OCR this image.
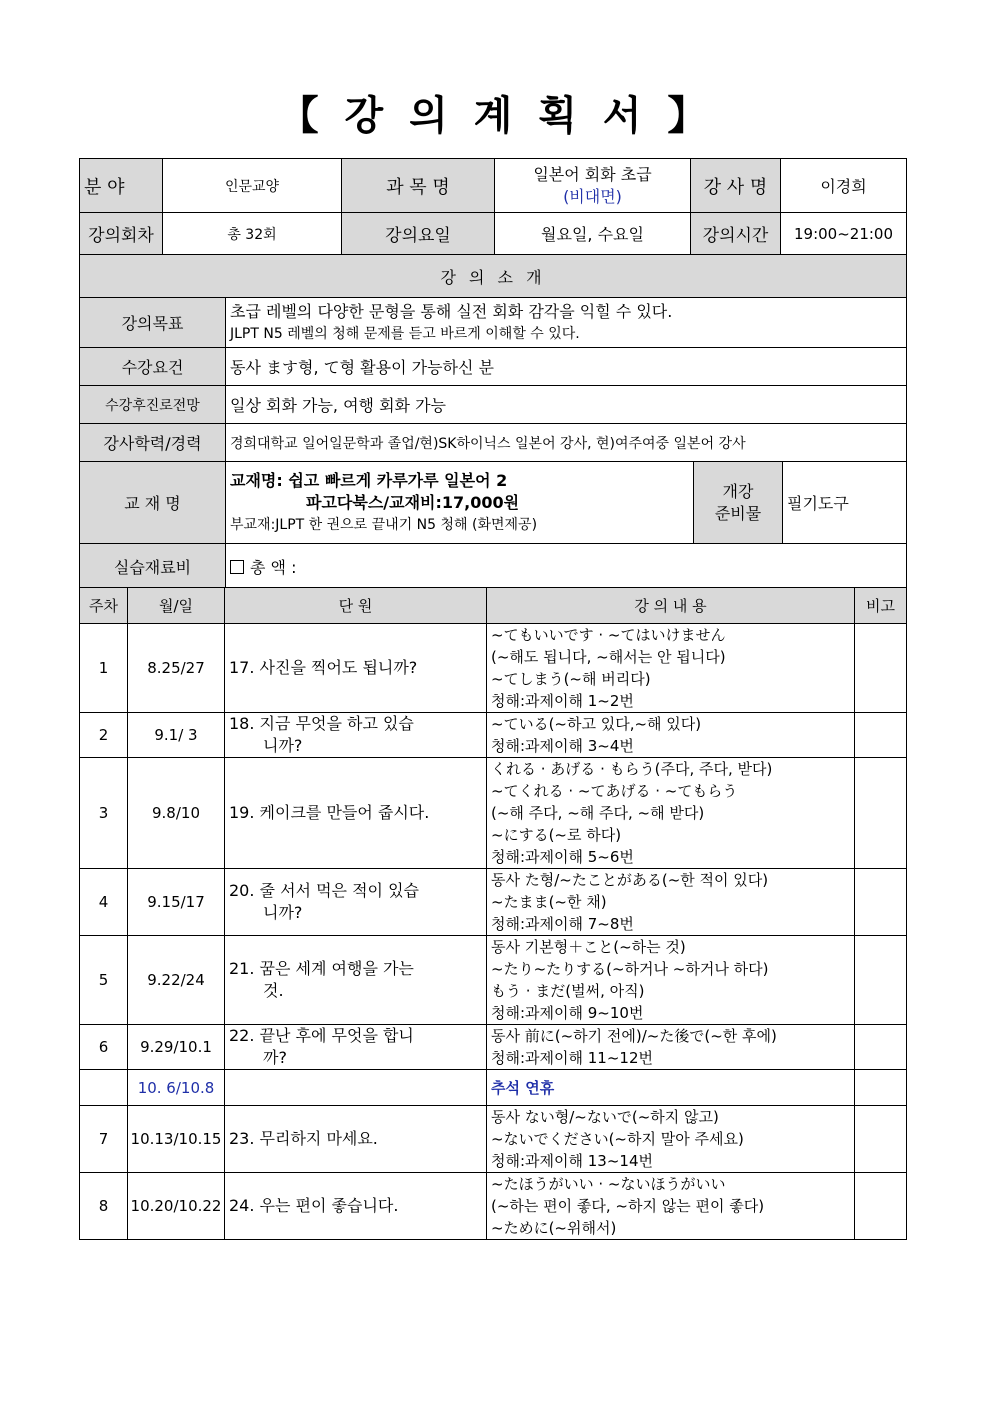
【 강 의 계 획 서 】
분 야	인문교양	과 목 명	일본어 회화 초급
(비대면)	강 사 명	이경희
강의회차	총 32회	강의요일	월요일, 수요일	강의시간	19:00~21:00
강 의 소 개			
강의목표	초급 레벨의 다양한 문형을 통해 실전 회화 감각을 익힐 수 있다.
JLPT N5 레벨의 청해 문제를 듣고 바르게 이해할 수 있다.		

수강요건	동사 ます형, て형 활용이 가능하신 분		
수강후진로전망	일상 회화 가능, 여행 회화 가능		
강사학력/경력	경희대학교 일어일문학과 졸업/현)SK하이닉스 일본어 강사, 현)여주여중 일본어 강사		
교 재 명	교재명: 쉽고 빠르게 카루가루 일본어 2
파고다북스/교재비:17,000원
부교재:JLPT 한 권으로 끝내기 N5 청해 (화면제공)	개강
준비물	필기도구
실습재료비	총 액 :		
주차	월/일	단 원	강 의 내 용	비고
1	8.25/27	17. 사진을 찍어도 됩니까?	~てもいいです · ~てはいけません
(~해도 됩니다, ~해서는 안 됩니다)
~てしまう(~해 버리다)
청해:과제이해 1~2번	

2	9.1/ 3	18. 지금 무엇을 하고 있습
니까?	~ている(~하고 있다,~해 있다)
청해:과제이해 3~4번	

3	9.8/10	19. 케이크를 만들어 줍시다.	くれる · あげる · もらう(주다, 주다, 받다)
~てくれる · ~てあげる · ~てもらう
(~해 주다, ~해 주다, ~해 받다)
~にする(~로 하다)
청해:과제이해 5~6번	

4	9.15/17	20. 줄 서서 먹은 적이 있습
니까?	동사 た형/~たことがある(~한 적이 있다)
~たまま(~한 채)
청해:과제이해 7~8번	

5	9.22/24	21. 꿈은 세계 여행을 가는
것.	동사 기본형＋こと(~하는 것)
~たり~たりする(~하거나 ~하거나 하다)
もう · まだ(벌써, 아직)
청해:과제이해 9~10번	

6	9.29/10.1	22. 끝난 후에 무엇을 합니
까?	동사 前に(~하기 전에)/~た後で(~한 후에)
청해:과제이해 11~12번	

	10. 6/10.8		추석 연휴	

7	10.13/10.15	23. 무리하지 마세요.	동사 ない형/~ないで(~하지 않고)
~ないでください(~하지 말아 주세요)
청해:과제이해 13~14번	

8	10.20/10.22	24. 우는 편이 좋습니다.	~たほうがいい · ~ないほうがいい
(~하는 편이 좋다, ~하지 않는 편이 좋다)
~ために(~위해서)	
